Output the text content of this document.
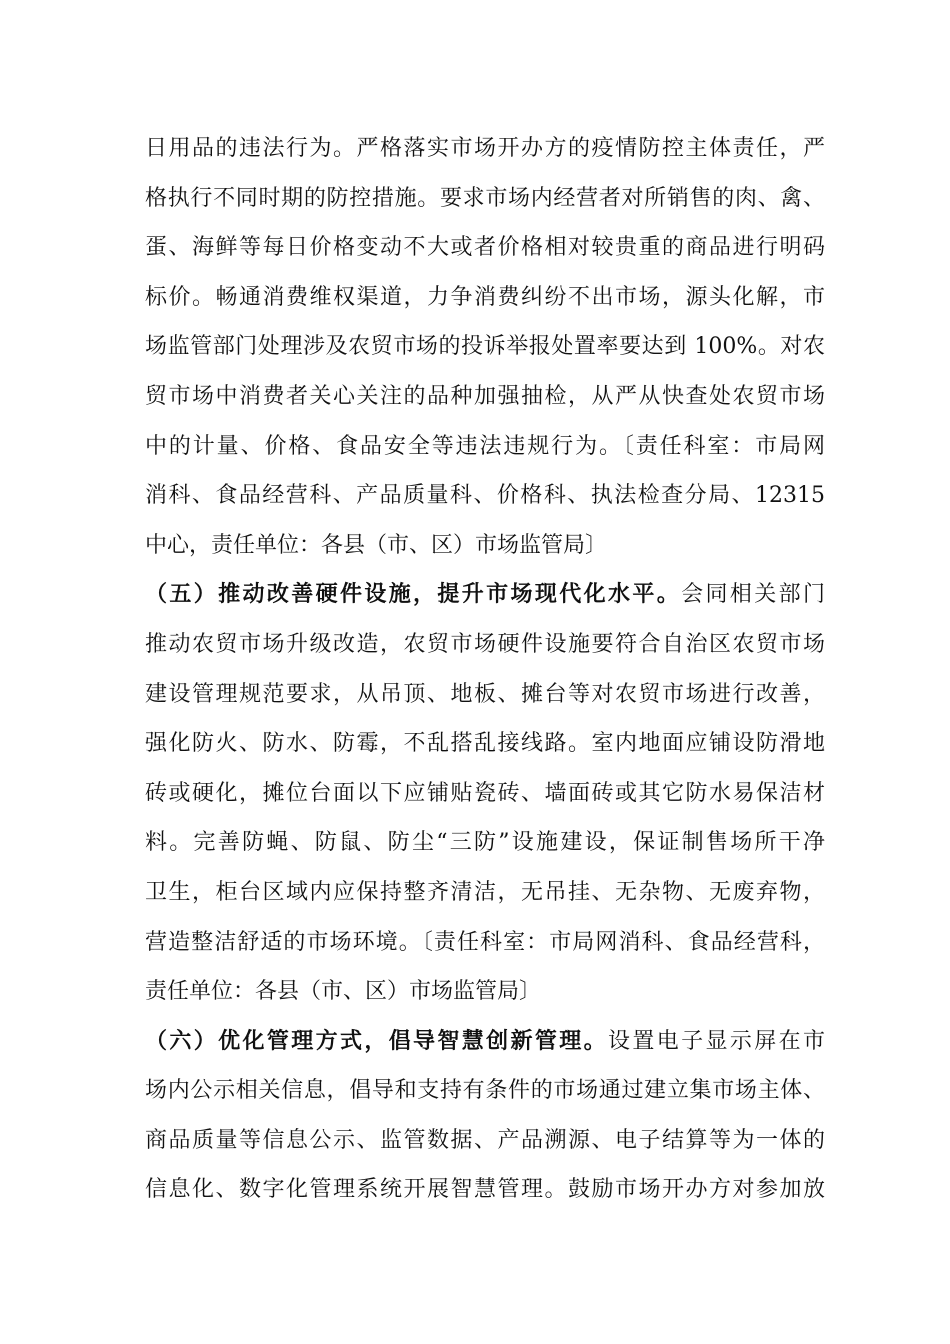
日用品的违法行为。严格落实市场开办方的疫情防控主体责任，严
格执行不同时期的防控措施。要求市场内经营者对所销售的肉、禽、
蛋、海鲜等每日价格变动不大或者价格相对较贵重的商品进行明码
标价。畅通消费维权渠道，力争消费纠纷不出市场，源头化解，市
场监管部门处理涉及农贸市场的投诉举报处置率要达到 100%。对农
贸市场中消费者关心关注的品种加强抽检，从严从快查处农贸市场
中的计量、价格、食品安全等违法违规行为。〔责任科室：市局网
消科、食品经营科、产品质量科、价格科、执法检查分局、12315
中心，责任单位：各县（市、区）市场监管局〕
（五）推动改善硬件设施，提升市场现代化水平。会同相关部门
推动农贸市场升级改造，农贸市场硬件设施要符合自治区农贸市场
建设管理规范要求，从吊顶、地板、摊台等对农贸市场进行改善，
强化防火、防水、防霉，不乱搭乱接线路。室内地面应铺设防滑地
砖或硬化，摊位台面以下应铺贴瓷砖、墙面砖或其它防水易保洁材
料。完善防蝇、防鼠、防尘“三防”设施建设，保证制售场所干净
卫生，柜台区域内应保持整齐清洁，无吊挂、无杂物、无废弃物，
营造整洁舒适的市场环境。〔责任科室：市局网消科、食品经营科，
责任单位：各县（市、区）市场监管局〕
（六）优化管理方式，倡导智慧创新管理。设置电子显示屏在市
场内公示相关信息，倡导和支持有条件的市场通过建立集市场主体、
商品质量等信息公示、监管数据、产品溯源、电子结算等为一体的
信息化、数字化管理系统开展智慧管理。鼓励市场开办方对参加放
